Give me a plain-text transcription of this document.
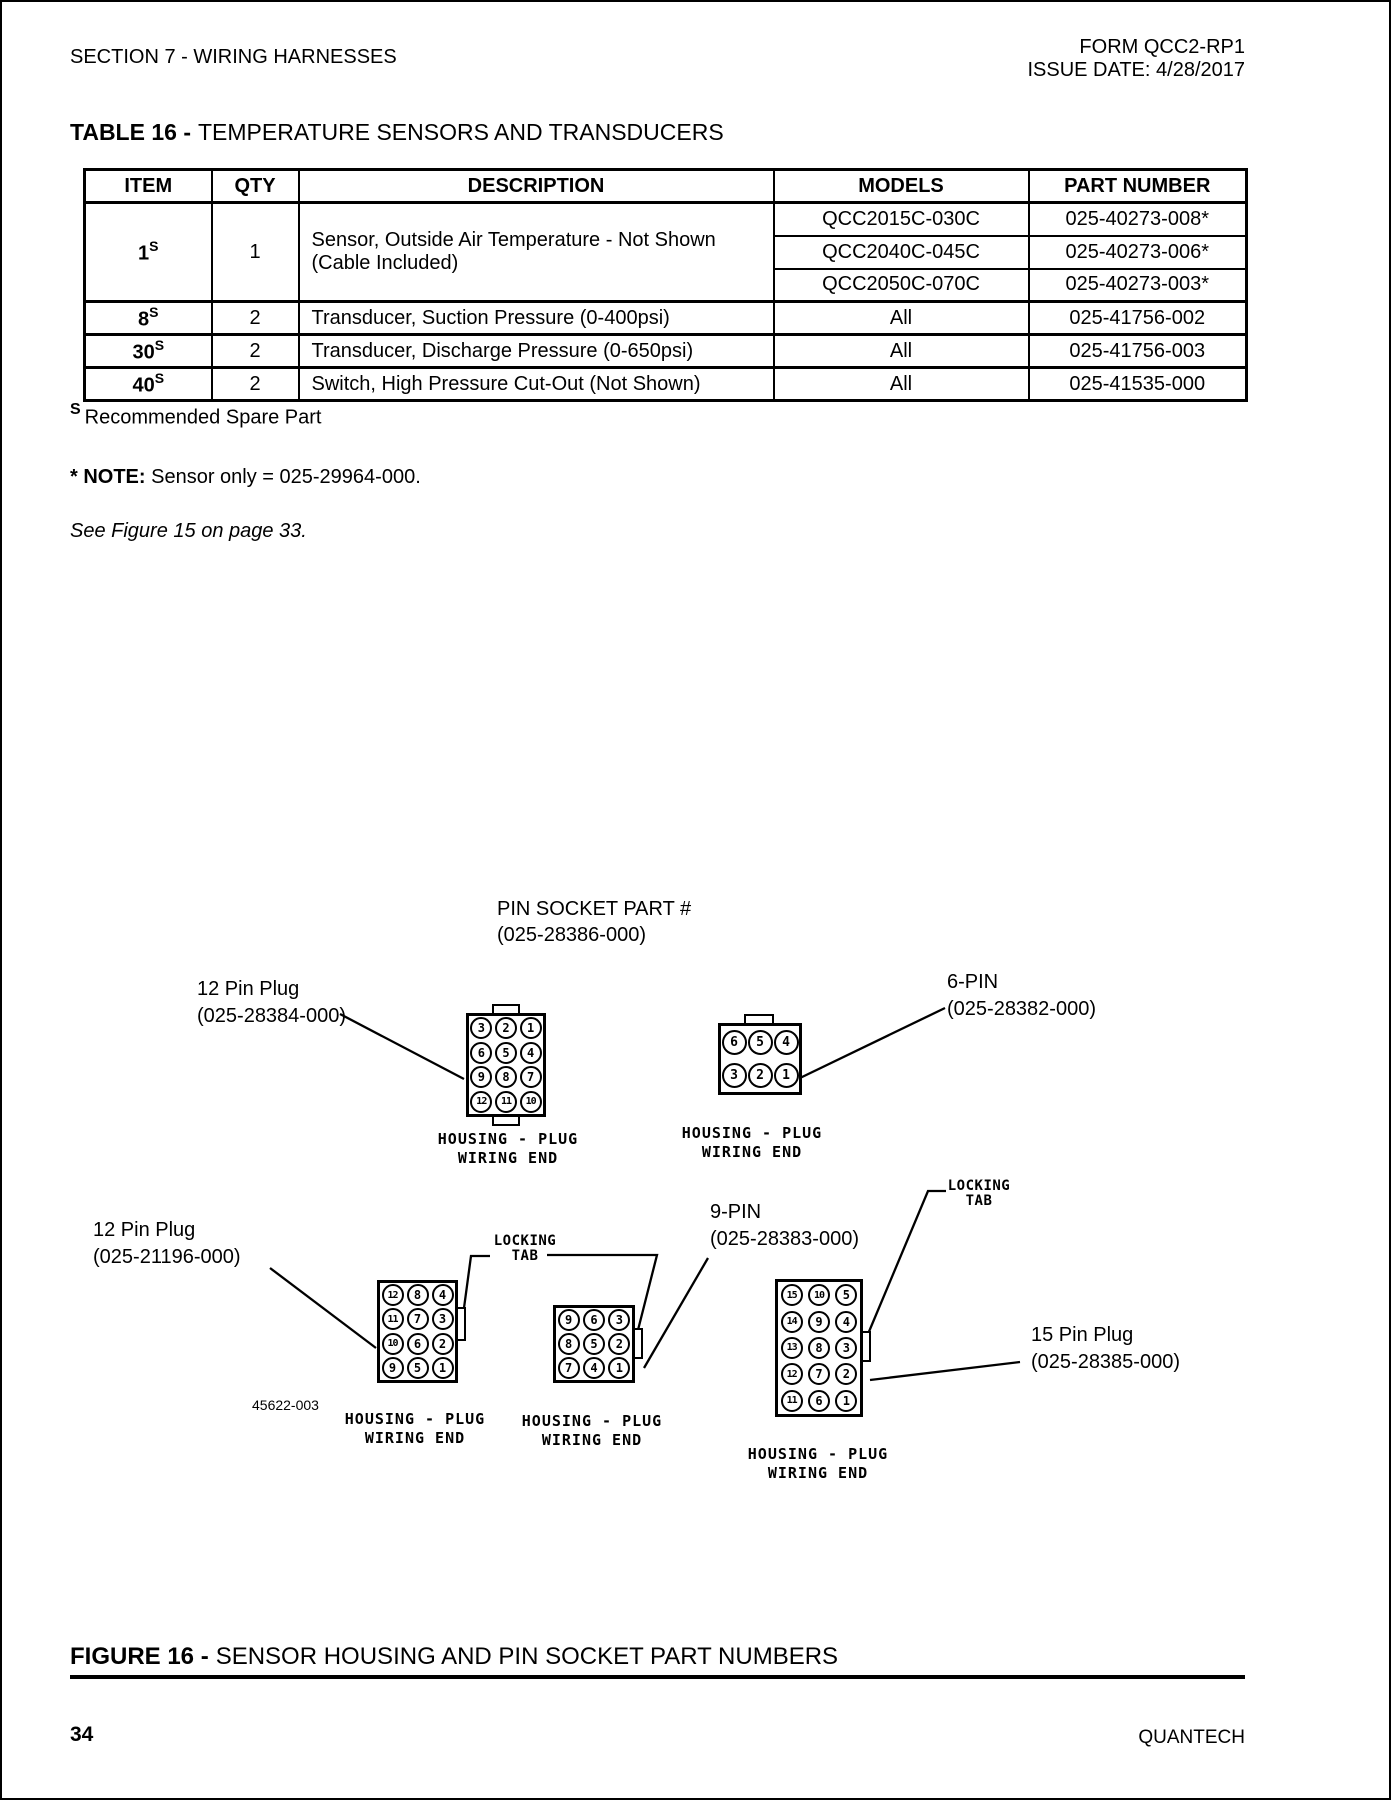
SECTION 7 - WIRING HARNESSES	FORM QCC2-RP1
ISSUE DATE: 4/28/2017
TABLE 16 - TEMPERATURE SENSORS AND TRANSDUCERS
ITEM	QTY	DESCRIPTION	MODELS	PART NUMBER
$1^S$	1	Sensor, Outside Air Temperature - Not Shown (Cable Included)	QCC2015C-030C	025-40273-008*
			QCC2040C-045C	025-40273-006*
			QCC2050C-070C	025-40273-003*
$8^S$	2	Transducer, Suction Pressure (0-400psi)	All	025-41756-002
$30^S$	2	Transducer, Discharge Pressure (0-650psi)	All	025-41756-003
$40^S$	2	Switch, High Pressure Cut-Out (Not Shown)	All	025-41535-000
$^S$ Recommended Spare Part
* NOTE: Sensor only = 025-29964-000.
See Figure 15 on page 33.
PIN SOCKET PART #
(025-28386-000)
12 Pin Plug
(025-28384-000)
6-PIN
(025-28382-000)
12 Pin Plug
(025-21196-000)
9-PIN
(025-28383-000)
15 Pin Plug
(025-28385-000)
LOCKING
TAB
LOCKING
TAB
3	2	1
6	5	4
9	8	7
12	11	10
6	5	4
3	2	1
12	8	4
11	7	3
10	6	2
9	5	1
9	6	3
8	5	2
7	4	1
15	10	5
14	9	4
13	8	3
12	7	2
11	6	1
HOUSING - PLUG
WIRING END
HOUSING - PLUG
WIRING END
HOUSING - PLUG
WIRING END
HOUSING - PLUG
WIRING END
HOUSING - PLUG
WIRING END
45622-003
FIGURE 16 - SENSOR HOUSING AND PIN SOCKET PART NUMBERS
34	QUANTECH
